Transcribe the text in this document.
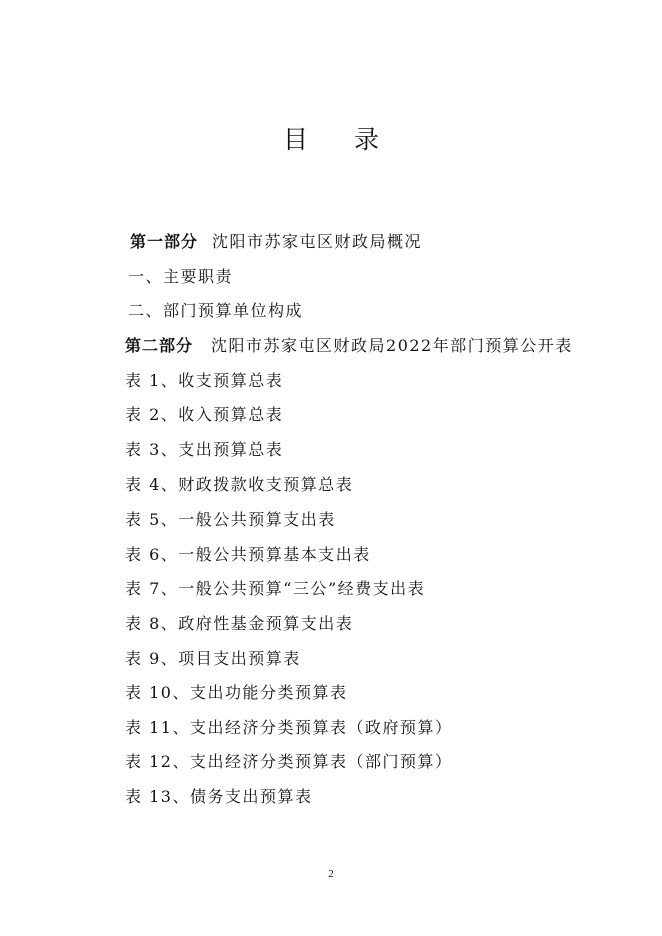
目 录
第一部分 沈阳市苏家屯区财政局概况
一、主要职责
二、部门预算单位构成
第二部分 沈阳市苏家屯区财政局2022年部门预算公开表
表 1、收支预算总表
表 2、收入预算总表
表 3、支出预算总表
表 4、财政拨款收支预算总表
表 5、一般公共预算支出表
表 6、一般公共预算基本支出表
表 7、一般公共预算“三公”经费支出表
表 8、政府性基金预算支出表
表 9、项目支出预算表
表 10、支出功能分类预算表
表 11、支出经济分类预算表（政府预算）
表 12、支出经济分类预算表（部门预算）
表 13、债务支出预算表
2
